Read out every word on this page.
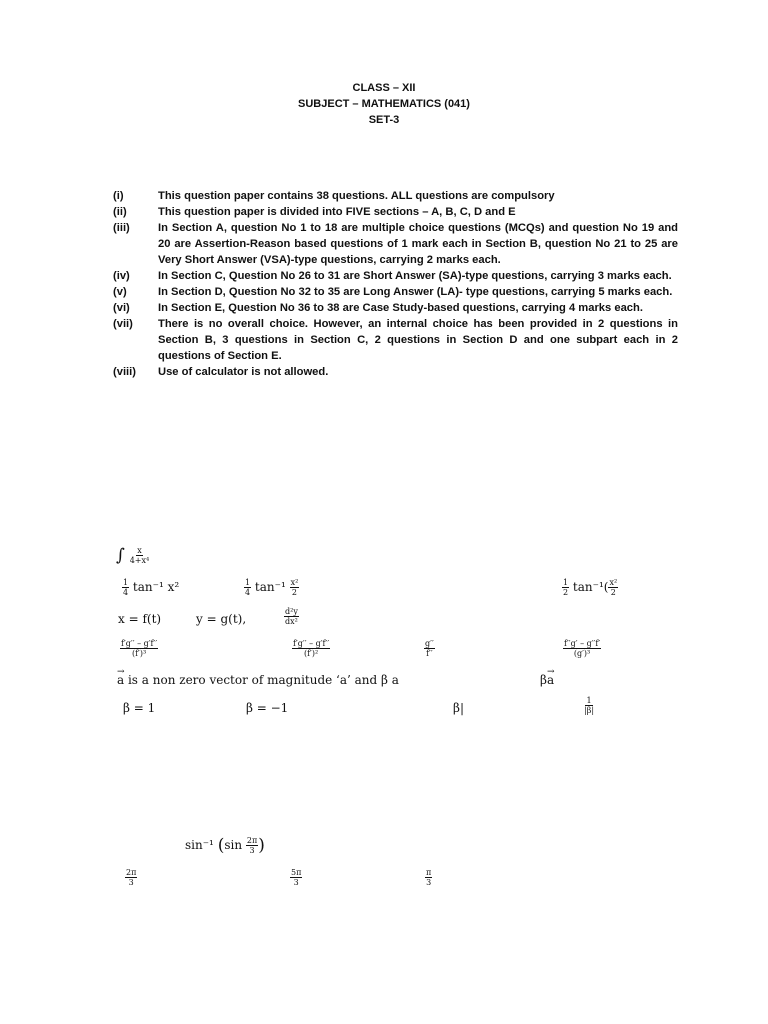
CLASS – XII
SUBJECT – MATHEMATICS (041)
SET-3
(i)	This question paper contains 38 questions. ALL questions are compulsory
(ii)	This question paper is divided into FIVE sections – A, B, C, D and E
(iii)	In Section A, question No 1 to 18 are multiple choice questions (MCQs) and question No 19 and 20 are Assertion-Reason based questions of 1 mark each in Section B, question No 21 to 25 are Very Short Answer (VSA)-type questions, carrying 2 marks each.
(iv)	In Section C, Question No 26 to 31 are Short Answer (SA)-type questions, carrying 3 marks each.
(v)	In Section D, Question No 32 to 35 are Long Answer (LA)- type questions, carrying 5 marks each.
(vi)	In Section E, Question No 36 to 38 are Case Study-based questions, carrying 4 marks each.
(vii)	There is no overall choice. However, an internal choice has been provided in 2 questions in Section B, 3 questions in Section C, 2 questions in Section D and one subpart each in 2 questions of Section E.
(viii)	Use of calculator is not allowed.
∫ $\frac{x}{\text{4+x⁴}}$
$\frac{1}{4} \tan^{-1}$ x²	$\frac{1}{4} \tan^{-1} \frac{\text{x²}}{2}$	$\frac{1}{2} \tan^{-1}( \frac{\text{x²}}{2}$
x = f(t)	y = g(t),	$\frac{\text{d²y}}{\text{dx²}}$
$\frac{f'g'' - g'f''}{\text{(f′)³}}$	$\frac{f'g'' - g'f''}{\text{(f′)²}}$	$\frac{g''}{f''}$	$\frac{f''g' - g''f'}{\text{(g′)³}}$
→ a is a non zero vector of magnitude ‘a’ and β a	β→ a
β = 1	β = −1	β|	$\frac{1}{|\beta|}$
sin⁻¹ ($\sin \frac{2\pi}{3}$ )
$\frac{2\pi}{3}$	$\frac{5\pi}{3}$	$\frac{\pi}{3}$
